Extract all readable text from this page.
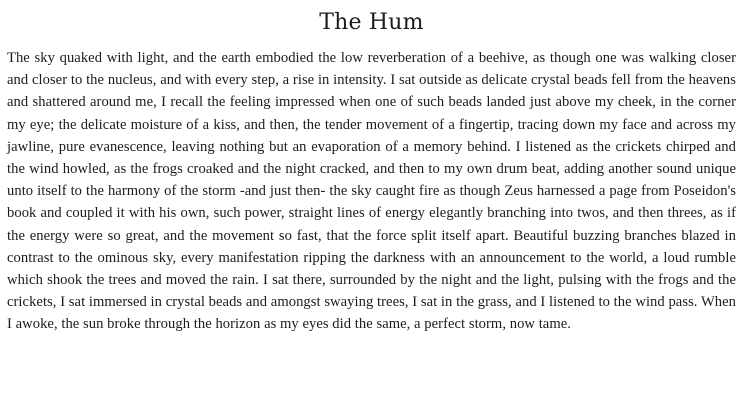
The Hum

The sky quaked with light, and the earth embodied the low reverberation of a beehive, as though one was walking closer and closer to the nucleus, and with every step, a rise in intensity. I sat outside as delicate crystal beads fell from the heavens and shattered around me, I recall the feeling impressed when one of such beads landed just above my cheek, in the corner my eye; the delicate moisture of a kiss, and then, the tender movement of a fingertip, tracing down my face and across my jawline, pure evanescence, leaving nothing but an evaporation of a memory behind. I listened as the crickets chirped and the wind howled, as the frogs croaked and the night cracked, and then to my own drum beat, adding another sound unique unto itself to the harmony of the storm -and just then- the sky caught fire as though Zeus harnessed a page from Poseidon's book and coupled it with his own, such power, straight lines of energy elegantly branching into twos, and then threes, as if the energy were so great, and the movement so fast, that the force split itself apart. Beautiful buzzing branches blazed in contrast to the ominous sky, every manifestation ripping the darkness with an announcement to the world, a loud rumble which shook the trees and moved the rain. I sat there, surrounded by the night and the light, pulsing with the frogs and the crickets, I sat immersed in crystal beads and amongst swaying trees, I sat in the grass, and I listened to the wind pass. When I awoke, the sun broke through the horizon as my eyes did the same, a perfect storm, now tame.
